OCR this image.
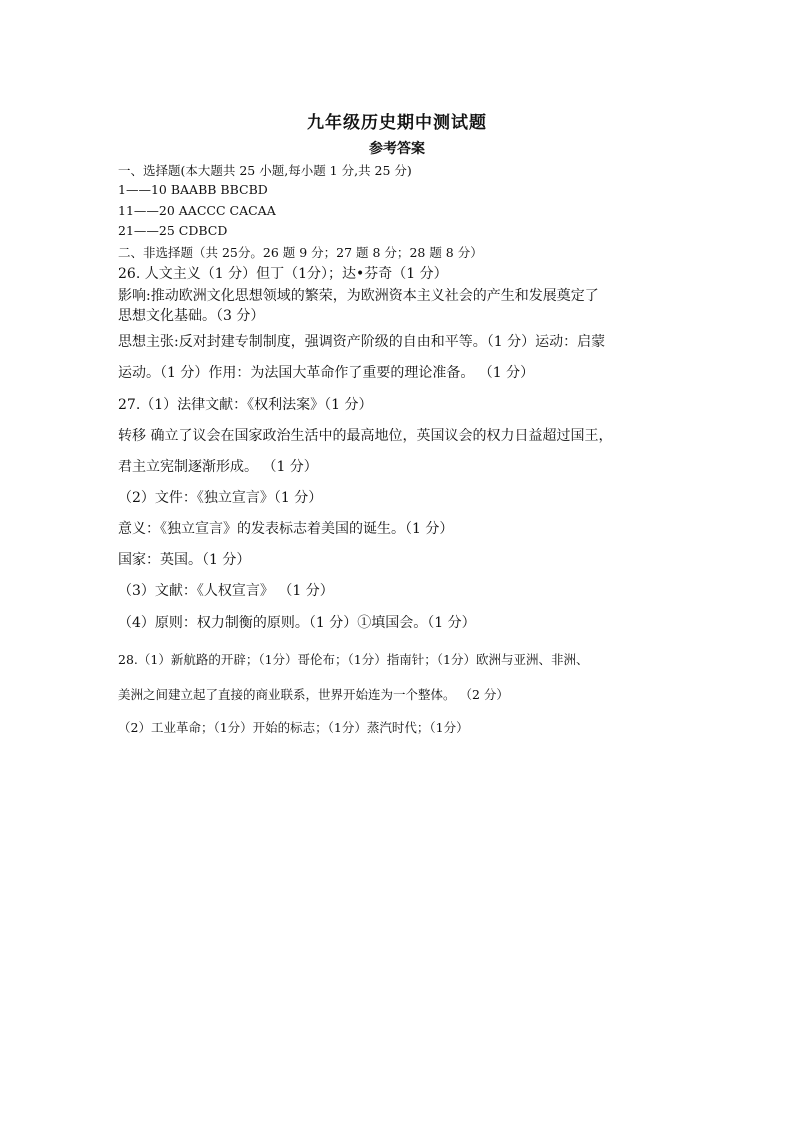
九年级历史期中测试题
参考答案
一、选择题(本大题共 25 小题,每小题 1 分,共 25 分)
1——10 BAABB BBCBD
11——20 AACCC CACAA
21——25 CDBCD
二、非选择题（共 25分。26 题 9 分；27 题 8 分；28 题 8 分）
26. 人文主义（1 分）但丁（1分）；达•芬奇（1 分）
影响:推动欧洲文化思想领域的繁荣，为欧洲资本主义社会的产生和发展奠定了
思想文化基础。（3 分）
思想主张:反对封建专制制度，强调资产阶级的自由和平等。（1 分）运动：启蒙
运动。（1 分）作用：为法国大革命作了重要的理论准备。 （1 分）
27.（1）法律文献：《权利法案》（1 分）
转移 确立了议会在国家政治生活中的最高地位，英国议会的权力日益超过国王，
君主立宪制逐渐形成。 （1 分）
（2）文件：《独立宣言》（1 分）
意义：《独立宣言》的发表标志着美国的诞生。（1 分）
国家：英国。（1 分）
（3）文献：《人权宣言》 （1 分）
（4）原则：权力制衡的原则。（1 分）①填国会。（1 分）
28.（1）新航路的开辟；（1分）哥伦布；（1分）指南针；（1分）欧洲与亚洲、非洲、
美洲之间建立起了直接的商业联系，世界开始连为一个整体。 （2 分）
（2）工业革命；（1分）开始的标志；（1分）蒸汽时代；（1分）
